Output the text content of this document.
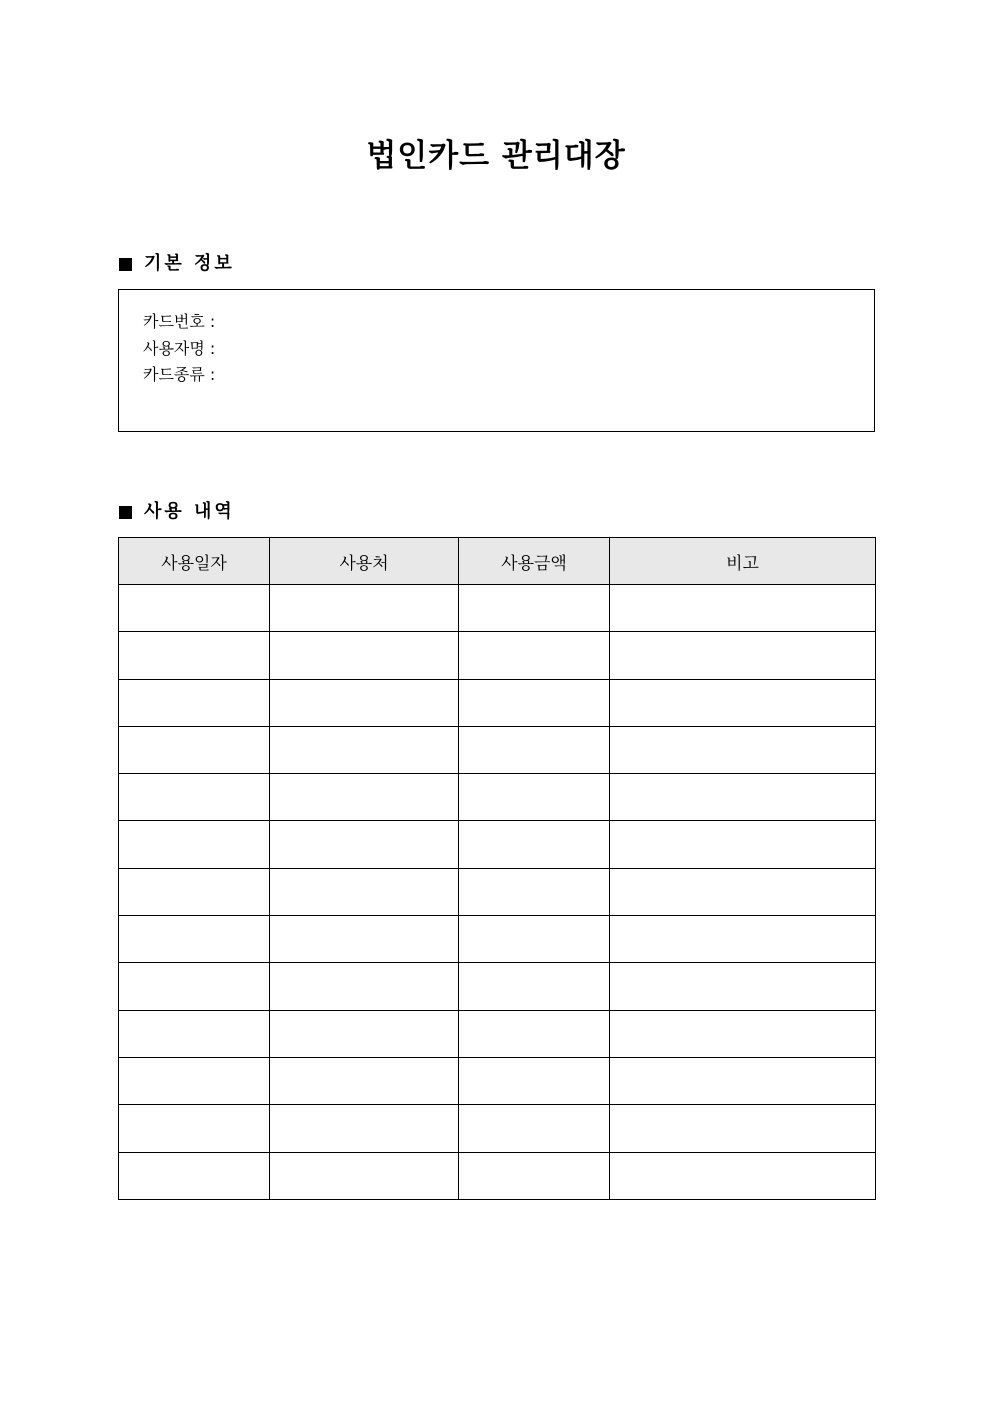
법인카드 관리대장
기본 정보
카드번호 :
사용자명 :
카드종류 :
사용 내역
사용일자	사용처	사용금액	비고
